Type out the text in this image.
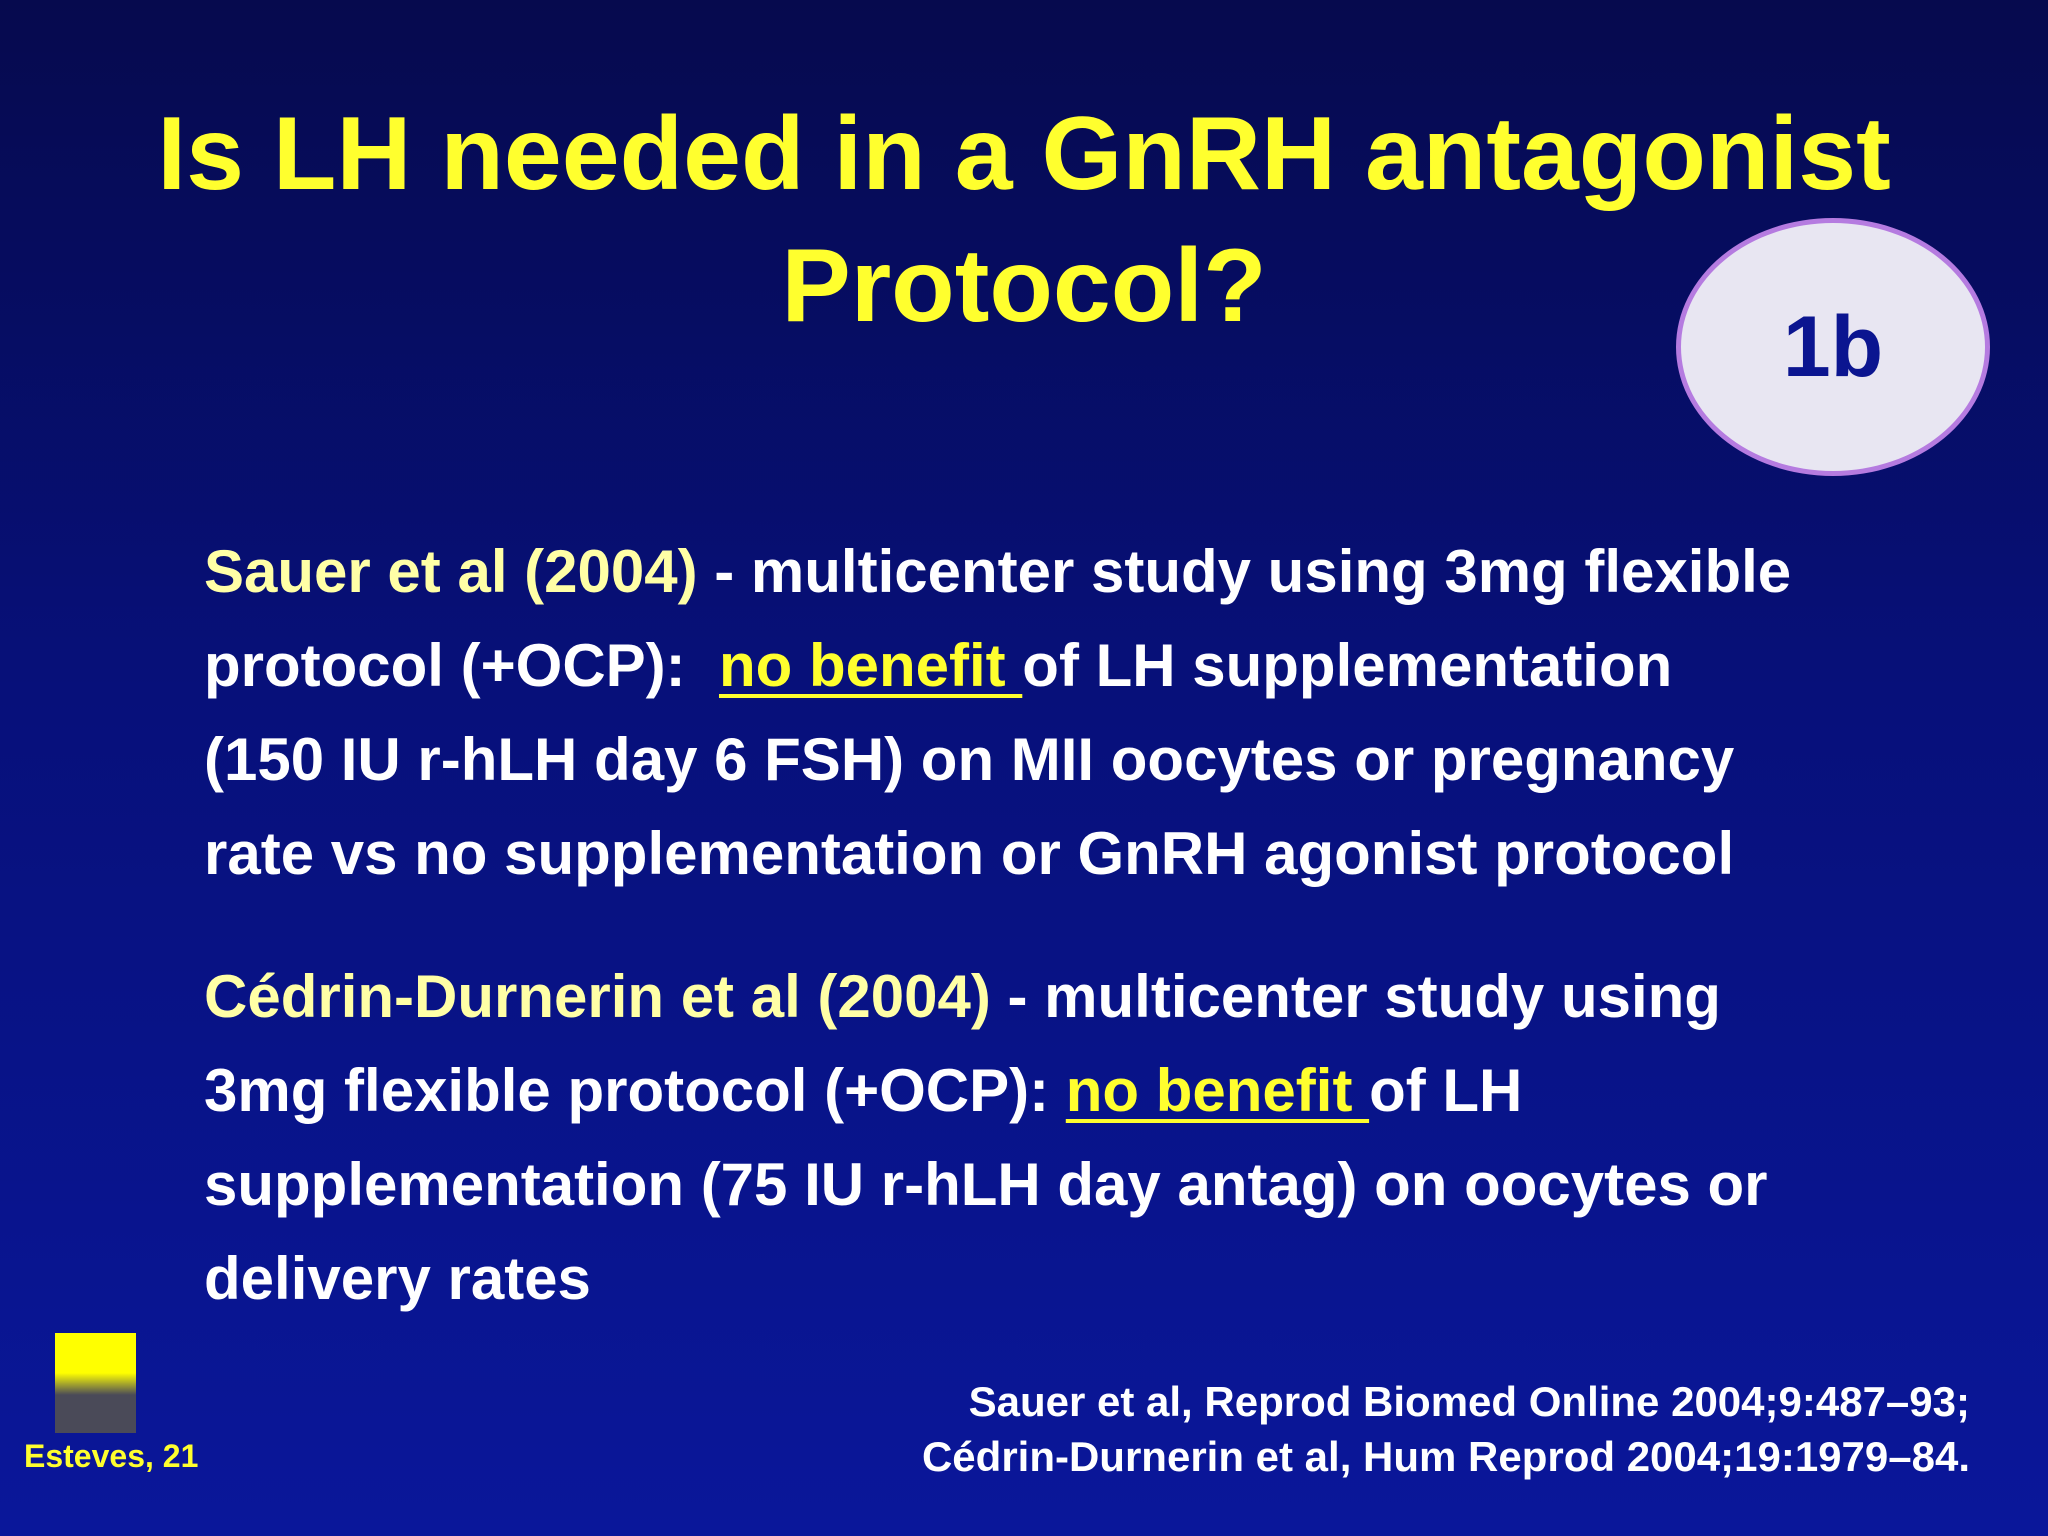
Is LH needed in a GnRH antagonist
Protocol?
1b
Sauer et al (2004) - multicenter study using 3mg flexible
protocol (+OCP):  no benefit of LH supplementation
(150 IU r-hLH day 6 FSH) on MII oocytes or pregnancy
rate vs no supplementation or GnRH agonist protocol
Cédrin-Durnerin et al (2004) - multicenter study using
3mg flexible protocol (+OCP): no benefit of LH
supplementation (75 IU r-hLH day antag) on oocytes or
delivery rates
Sauer et al, Reprod Biomed Online 2004;9:487–93;
Cédrin-Durnerin et al, Hum Reprod 2004;19:1979–84.
Esteves, 21
